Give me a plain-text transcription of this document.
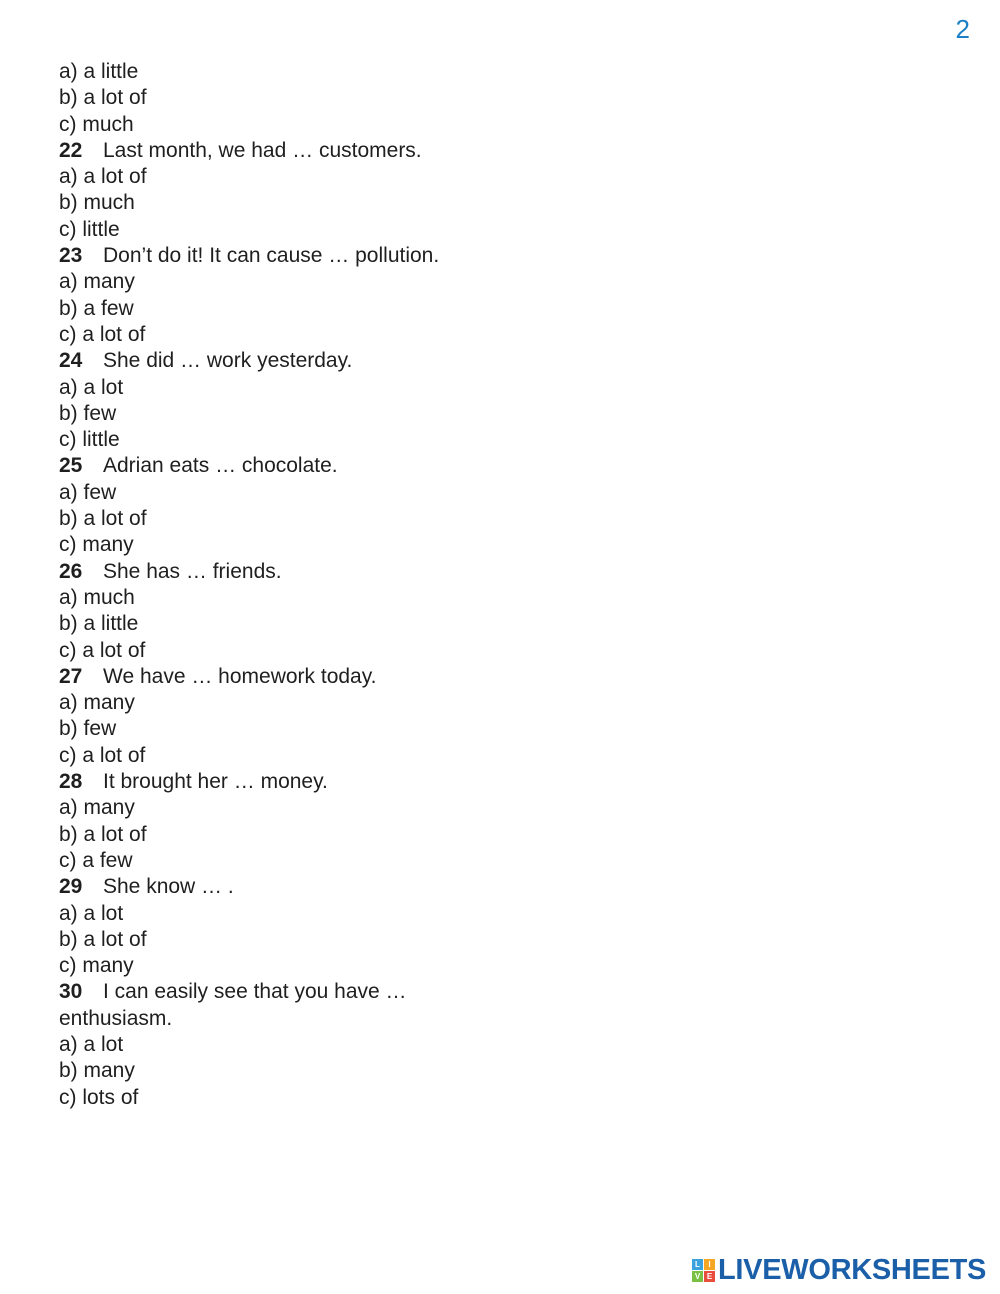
2
a) a little
b) a lot of
c) much
22 Last month, we had … customers.
a) a lot of
b) much
c) little
23 Don’t do it! It can cause … pollution.
a) many
b) a few
c) a lot of
24 She did … work yesterday.
a) a lot
b) few
c) little
25 Adrian eats … chocolate.
a) few
b) a lot of
c) many
26 She has … friends.
a) much
b) a little
c) a lot of
27 We have … homework today.
a) many
b) few
c) a lot of
28 It brought her … money.
a) many
b) a lot of
c) a few
29 She know … .
a) a lot
b) a lot of
c) many
30 I can easily see that you have …
enthusiasm.
a) a lot
b) many
c) lots of
L	I
V E LIVEWORKSHEETS
